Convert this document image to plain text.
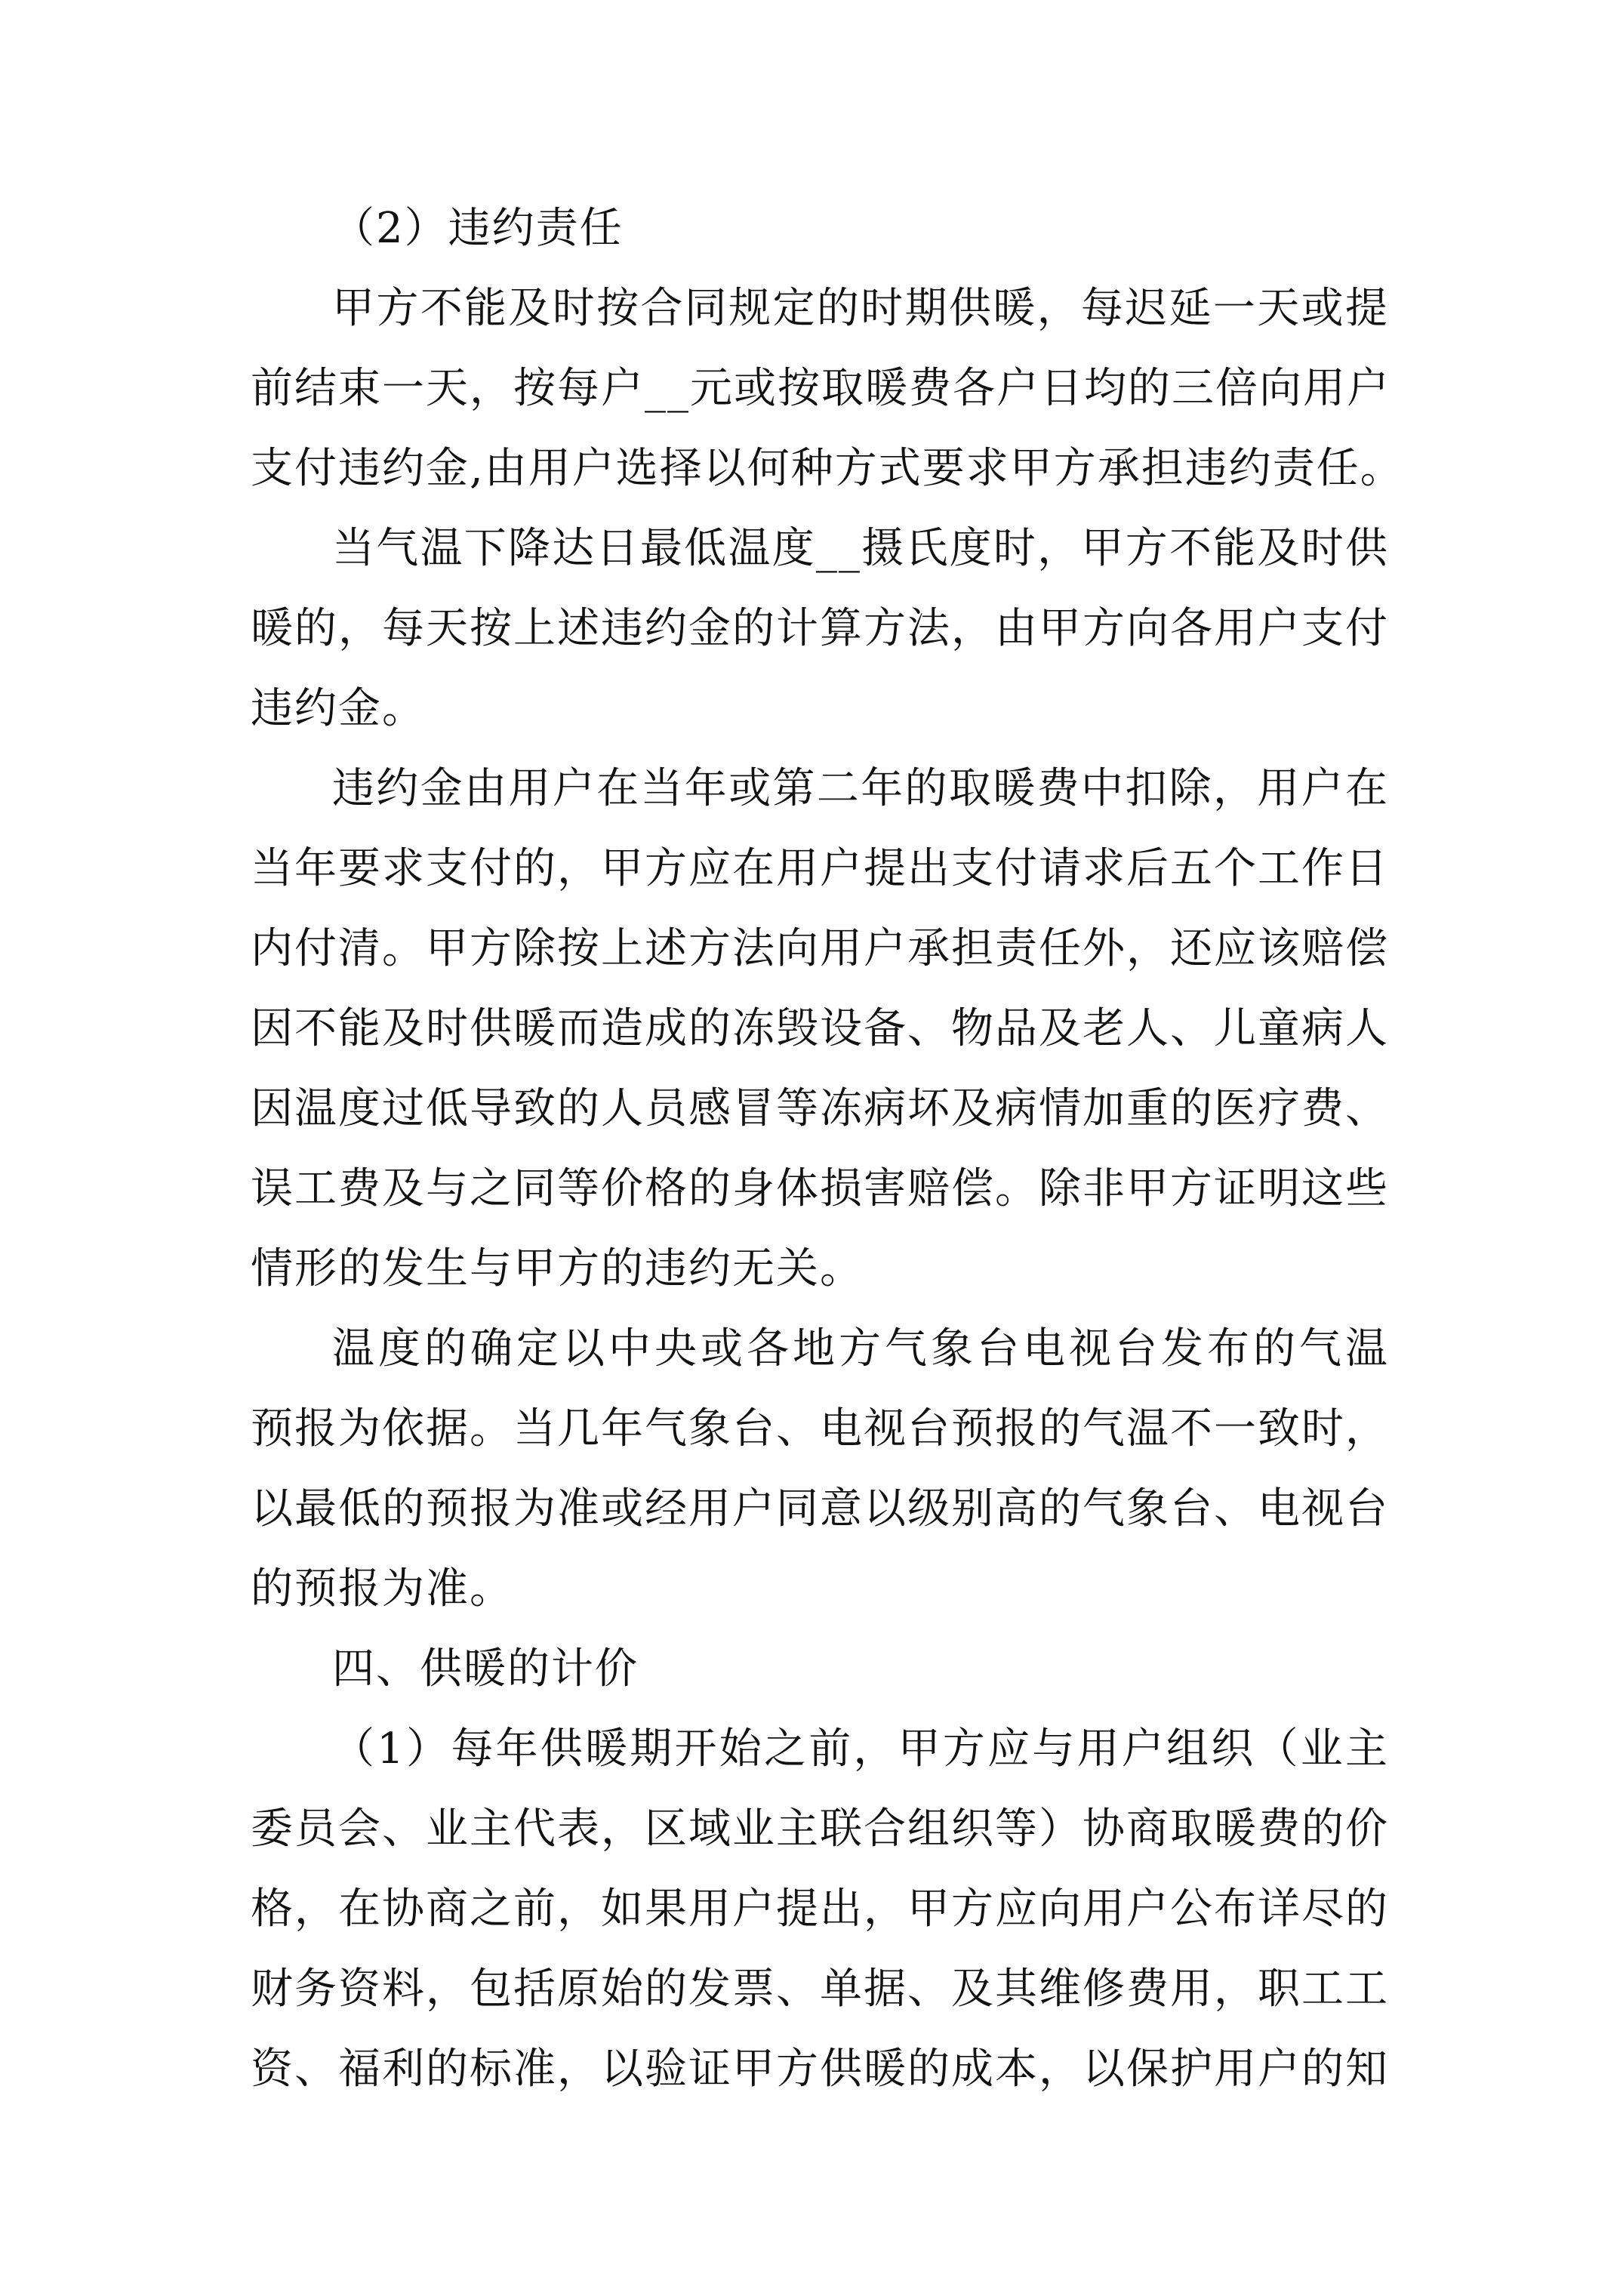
（2）违约责任
甲方不能及时按合同规定的时期供暖，每迟延一天或提
前结束一天，按每户__元或按取暖费各户日均的三倍向用户
支付违约金,由用户选择以何种方式要求甲方承担违约责任。
当气温下降达日最低温度__摄氏度时，甲方不能及时供
暖的，每天按上述违约金的计算方法，由甲方向各用户支付
违约金。
违约金由用户在当年或第二年的取暖费中扣除，用户在
当年要求支付的，甲方应在用户提出支付请求后五个工作日
内付清。甲方除按上述方法向用户承担责任外，还应该赔偿
因不能及时供暖而造成的冻毁设备、物品及老人、儿童病人
因温度过低导致的人员感冒等冻病坏及病情加重的医疗费、
误工费及与之同等价格的身体损害赔偿。除非甲方证明这些
情形的发生与甲方的违约无关。
温度的确定以中央或各地方气象台电视台发布的气温
预报为依据。当几年气象台、电视台预报的气温不一致时，
以最低的预报为准或经用户同意以级别高的气象台、电视台
的预报为准。
四、供暖的计价
（1）每年供暖期开始之前，甲方应与用户组织（业主
委员会、业主代表，区域业主联合组织等）协商取暖费的价
格，在协商之前，如果用户提出，甲方应向用户公布详尽的
财务资料，包括原始的发票、单据、及其维修费用，职工工
资、福利的标准，以验证甲方供暖的成本，以保护用户的知
